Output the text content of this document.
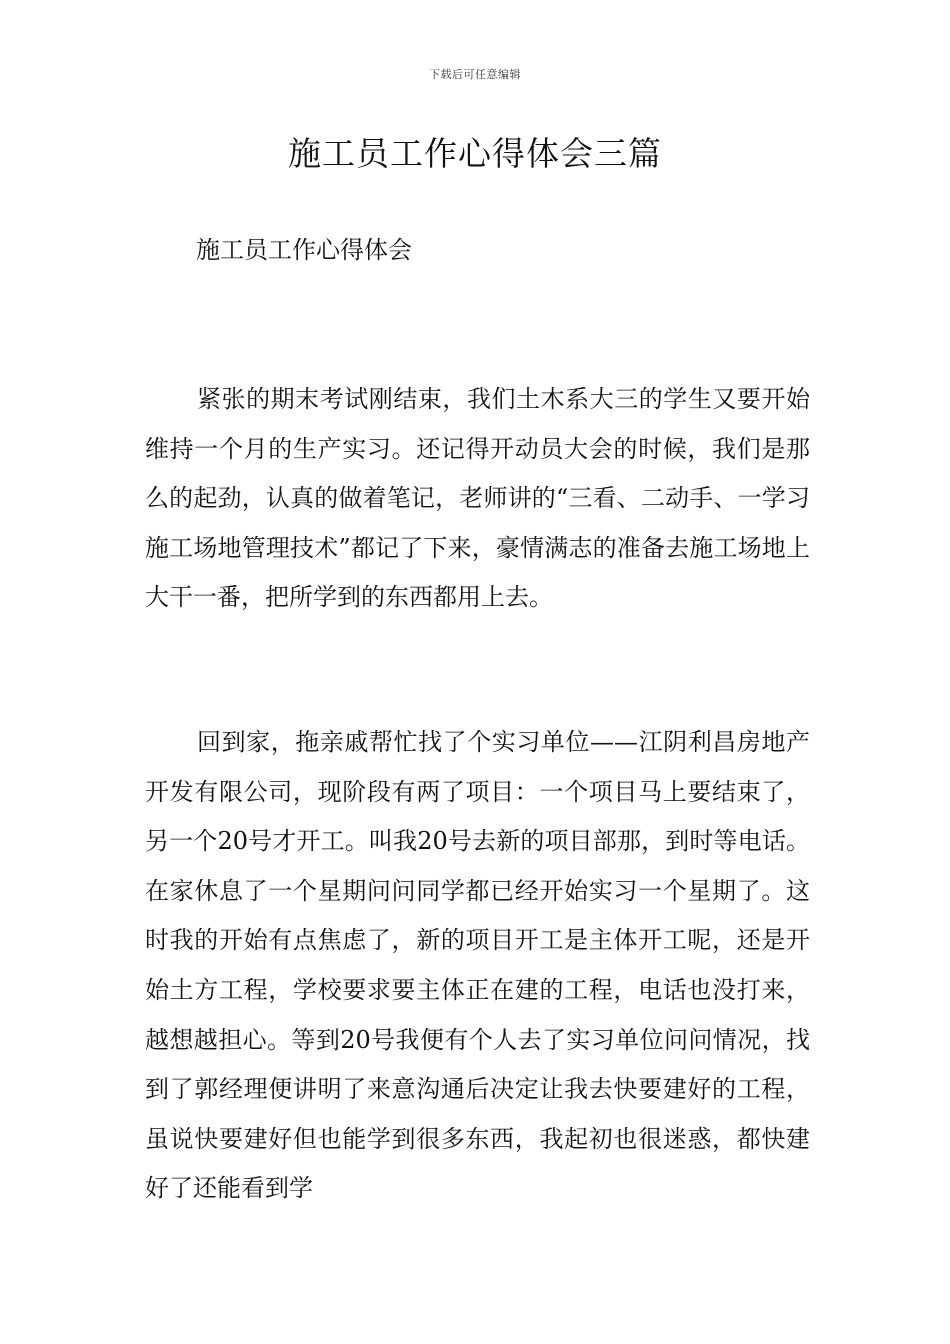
下载后可任意编辑
施工员工作心得体会三篇

施工员工作心得体会

紧张的期末考试刚结束，我们土木系大三的学生又要开始维持一个月的生产实习。还记得开动员大会的时候，我们是那么的起劲，认真的做着笔记，老师讲的“三看、二动手、一学习施工场地管理技术”都记了下来，豪情满志的准备去施工场地上大干一番，把所学到的东西都用上去。

回到家，拖亲戚帮忙找了个实习单位——江阴利昌房地产开发有限公司，现阶段有两了项目：一个项目马上要结束了，另一个20号才开工。叫我20号去新的项目部那，到时等电话。在家休息了一个星期问问同学都已经开始实习一个星期了。这时我的开始有点焦虑了，新的项目开工是主体开工呢，还是开始土方工程，学校要求要主体正在建的工程，电话也没打来，越想越担心。等到20号我便有个人去了实习单位问问情况，找到了郭经理便讲明了来意沟通后决定让我去快要建好的工程，虽说快要建好但也能学到很多东西，我起初也很迷惑，都快建好了还能看到学
